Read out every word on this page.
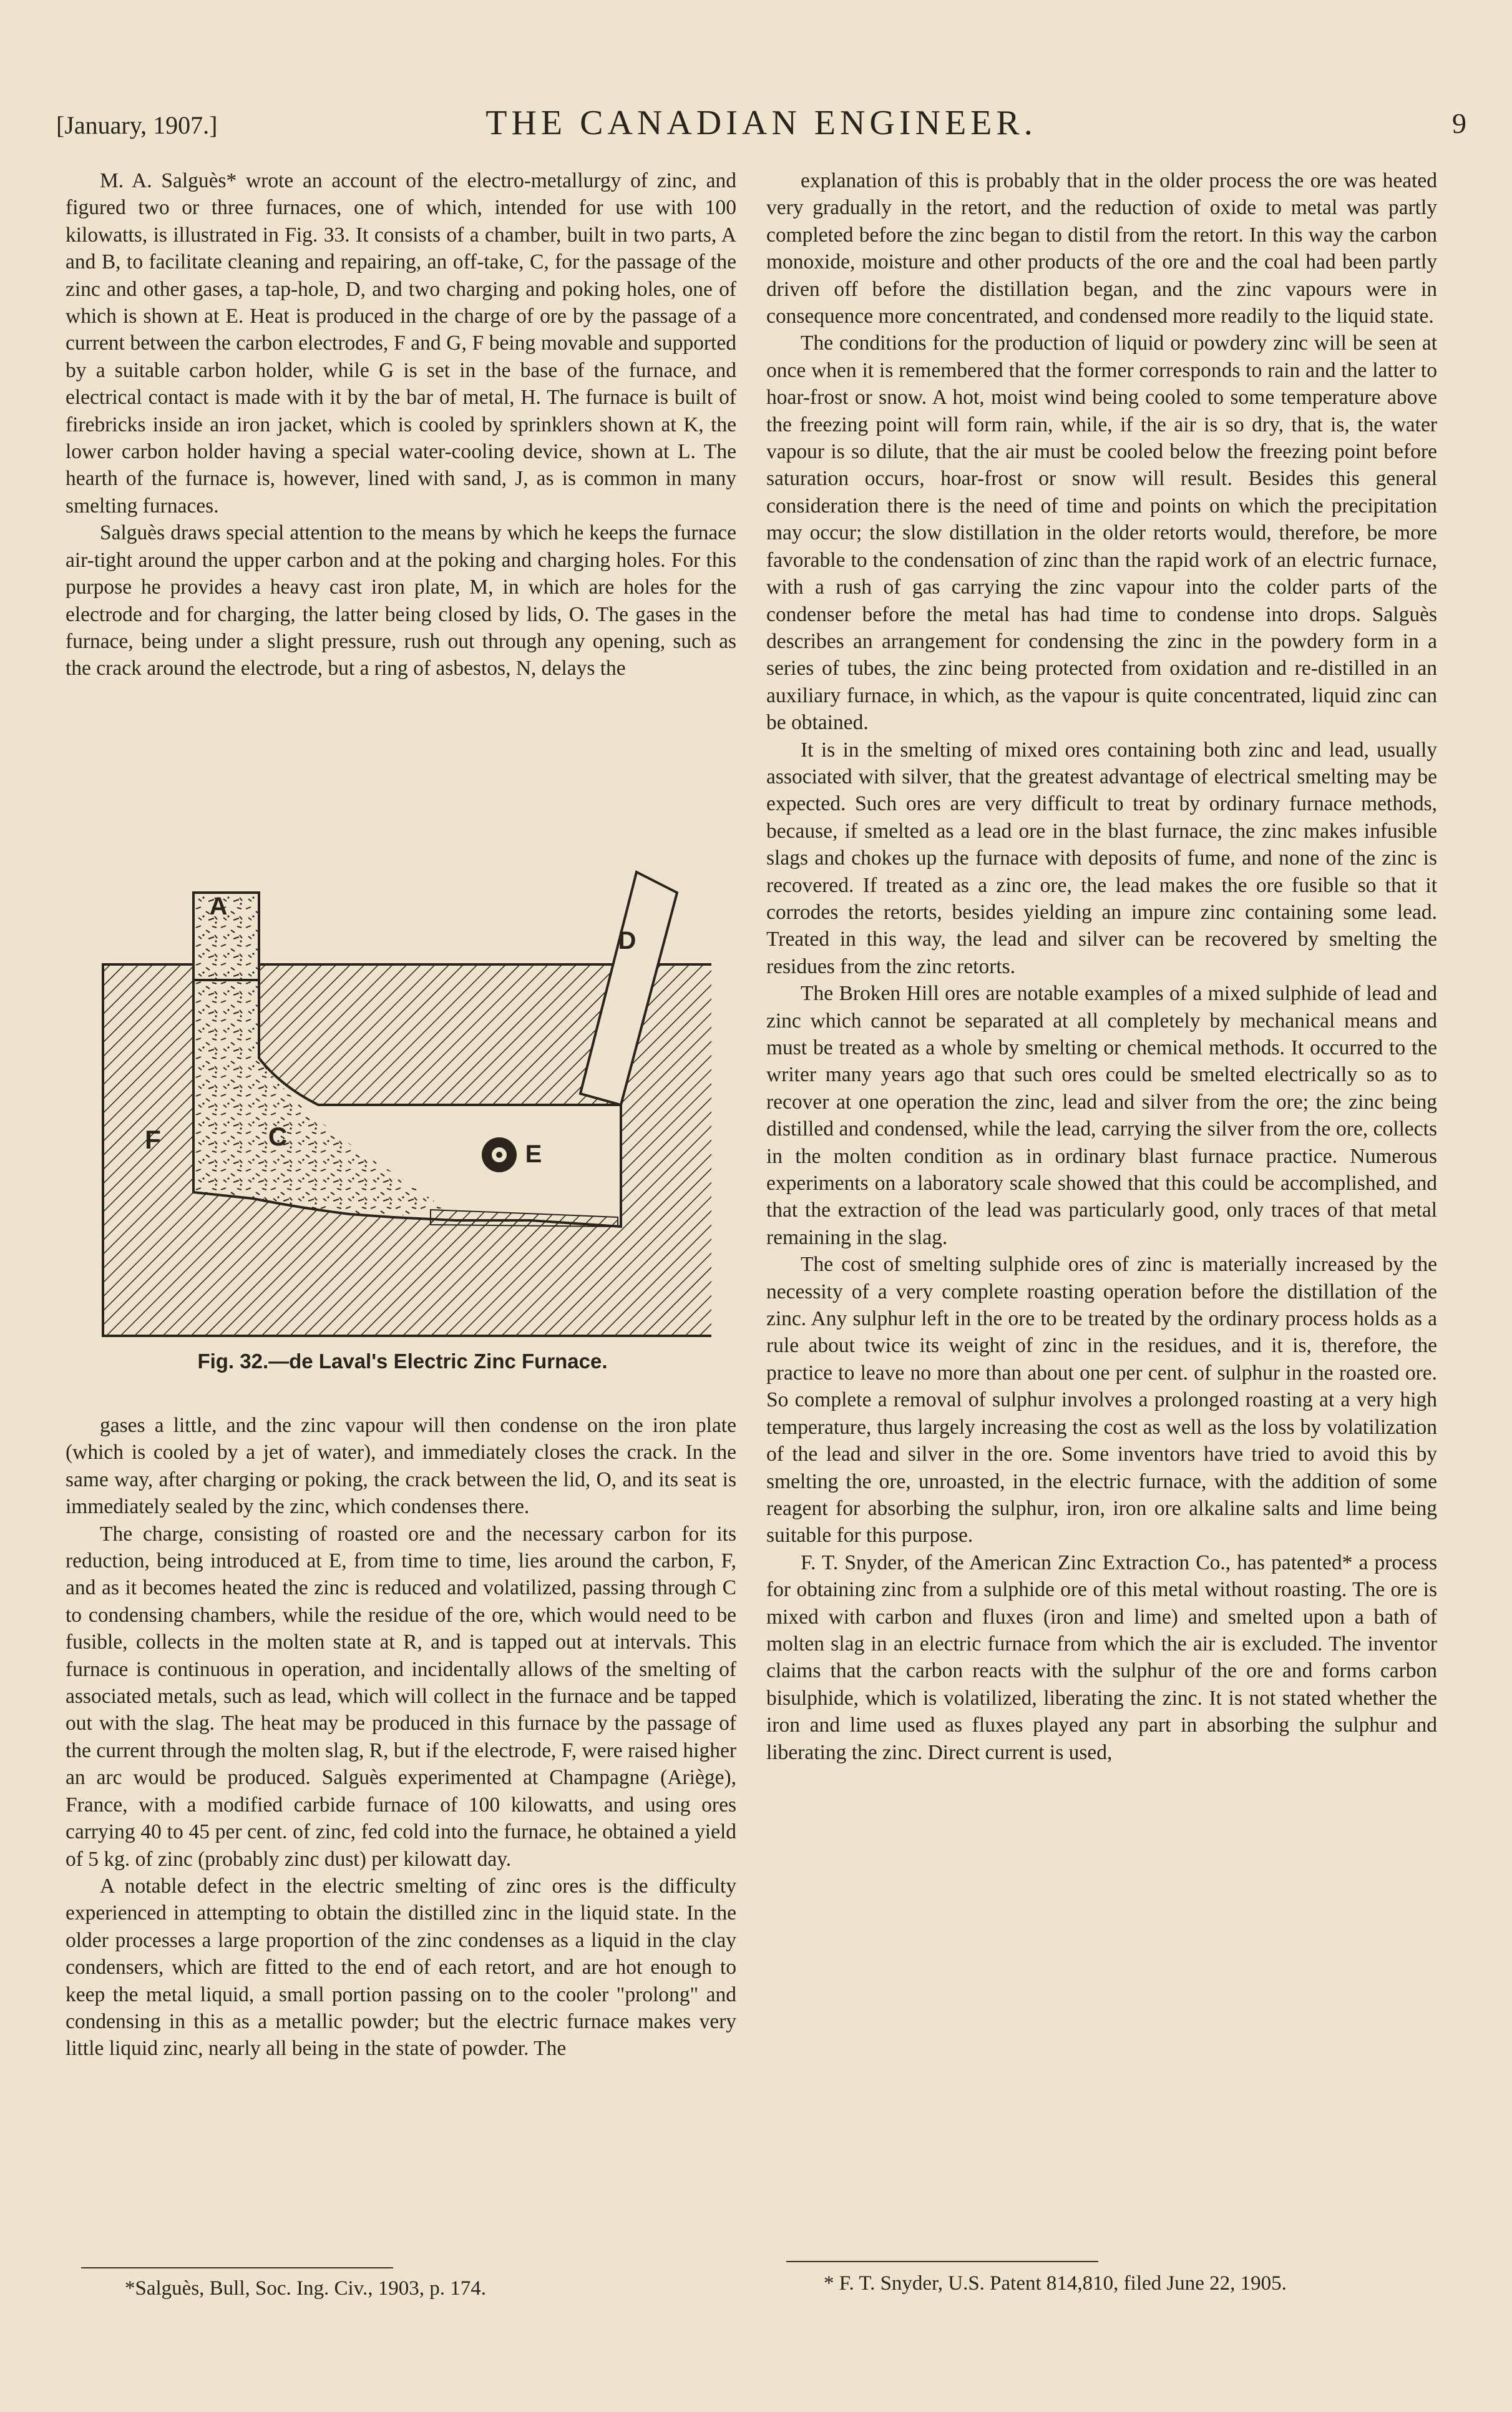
[January, 1907.]	THE CANADIAN ENGINEER.	9

M. A. Salguès* wrote an account of the electro-metallurgy of zinc, and figured two or three furnaces, one of which, intended for use with 100 kilowatts, is illustrated in Fig. 33. It consists of a chamber, built in two parts, A and B, to facilitate cleaning and repairing, an off-take, C, for the passage of the zinc and other gases, a tap-hole, D, and two charging and poking holes, one of which is shown at E. Heat is produced in the charge of ore by the passage of a current between the carbon electrodes, F and G, F being movable and supported by a suitable carbon holder, while G is set in the base of the furnace, and electrical contact is made with it by the bar of metal, H. The furnace is built of firebricks inside an iron jacket, which is cooled by sprinklers shown at K, the lower carbon holder having a special water-cooling device, shown at L. The hearth of the furnace is, however, lined with sand, J, as is common in many smelting furnaces.

Salguès draws special attention to the means by which he keeps the furnace air-tight around the upper carbon and at the poking and charging holes. For this purpose he provides a heavy cast iron plate, M, in which are holes for the electrode and for charging, the latter being closed by lids, O. The gases in the furnace, being under a slight pressure, rush out through any opening, such as the crack around the electrode, but a ring of asbestos, N, delays the

A
D
E
F	C
Fig. 32.—de Laval's Electric Zinc Furnace.

gases a little, and the zinc vapour will then condense on the iron plate (which is cooled by a jet of water), and immediately closes the crack. In the same way, after charging or poking, the crack between the lid, O, and its seat is immediately sealed by the zinc, which condenses there.

The charge, consisting of roasted ore and the necessary carbon for its reduction, being introduced at E, from time to time, lies around the carbon, F, and as it becomes heated the zinc is reduced and volatilized, passing through C to condensing chambers, while the residue of the ore, which would need to be fusible, collects in the molten state at R, and is tapped out at intervals. This furnace is continuous in operation, and incidentally allows of the smelting of associated metals, such as lead, which will collect in the furnace and be tapped out with the slag. The heat may be produced in this furnace by the passage of the current through the molten slag, R, but if the electrode, F, were raised higher an arc would be produced. Salguès experimented at Champagne (Ariège), France, with a modified carbide furnace of 100 kilowatts, and using ores carrying 40 to 45 per cent. of zinc, fed cold into the furnace, he obtained a yield of 5 kg. of zinc (probably zinc dust) per kilowatt day.

A notable defect in the electric smelting of zinc ores is the difficulty experienced in attempting to obtain the distilled zinc in the liquid state. In the older processes a large proportion of the zinc condenses as a liquid in the clay condensers, which are fitted to the end of each retort, and are hot enough to keep the metal liquid, a small portion passing on to the cooler "prolong" and condensing in this as a metallic powder; but the electric furnace makes very little liquid zinc, nearly all being in the state of powder. The

explanation of this is probably that in the older process the ore was heated very gradually in the retort, and the reduction of oxide to metal was partly completed before the zinc began to distil from the retort. In this way the carbon monoxide, moisture and other products of the ore and the coal had been partly driven off before the distillation began, and the zinc vapours were in consequence more concentrated, and condensed more readily to the liquid state.

The conditions for the production of liquid or powdery zinc will be seen at once when it is remembered that the former corresponds to rain and the latter to hoar-frost or snow. A hot, moist wind being cooled to some temperature above the freezing point will form rain, while, if the air is so dry, that is, the water vapour is so dilute, that the air must be cooled below the freezing point before saturation occurs, hoar-frost or snow will result. Besides this general consideration there is the need of time and points on which the precipitation may occur; the slow distillation in the older retorts would, therefore, be more favorable to the condensation of zinc than the rapid work of an electric furnace, with a rush of gas carrying the zinc vapour into the colder parts of the condenser before the metal has had time to condense into drops. Salguès describes an arrangement for condensing the zinc in the powdery form in a series of tubes, the zinc being protected from oxidation and re-distilled in an auxiliary furnace, in which, as the vapour is quite concentrated, liquid zinc can be obtained.

It is in the smelting of mixed ores containing both zinc and lead, usually associated with silver, that the greatest advantage of electrical smelting may be expected. Such ores are very difficult to treat by ordinary furnace methods, because, if smelted as a lead ore in the blast furnace, the zinc makes infusible slags and chokes up the furnace with deposits of fume, and none of the zinc is recovered. If treated as a zinc ore, the lead makes the ore fusible so that it corrodes the retorts, besides yielding an impure zinc containing some lead. Treated in this way, the lead and silver can be recovered by smelting the residues from the zinc retorts.

The Broken Hill ores are notable examples of a mixed sulphide of lead and zinc which cannot be separated at all completely by mechanical means and must be treated as a whole by smelting or chemical methods. It occurred to the writer many years ago that such ores could be smelted electrically so as to recover at one operation the zinc, lead and silver from the ore; the zinc being distilled and condensed, while the lead, carrying the silver from the ore, collects in the molten condition as in ordinary blast furnace practice. Numerous experiments on a laboratory scale showed that this could be accomplished, and that the extraction of the lead was particularly good, only traces of that metal remaining in the slag.

The cost of smelting sulphide ores of zinc is materially increased by the necessity of a very complete roasting operation before the distillation of the zinc. Any sulphur left in the ore to be treated by the ordinary process holds as a rule about twice its weight of zinc in the residues, and it is, therefore, the practice to leave no more than about one per cent. of sulphur in the roasted ore. So complete a removal of sulphur involves a prolonged roasting at a very high temperature, thus largely increasing the cost as well as the loss by volatilization of the lead and silver in the ore. Some inventors have tried to avoid this by smelting the ore, unroasted, in the electric furnace, with the addition of some reagent for absorbing the sulphur, iron, iron ore alkaline salts and lime being suitable for this purpose.

F. T. Snyder, of the American Zinc Extraction Co., has patented* a process for obtaining zinc from a sulphide ore of this metal without roasting. The ore is mixed with carbon and fluxes (iron and lime) and smelted upon a bath of molten slag in an electric furnace from which the air is excluded. The inventor claims that the carbon reacts with the sulphur of the ore and forms carbon bisulphide, which is volatilized, liberating the zinc. It is not stated whether the iron and lime used as fluxes played any part in absorbing the sulphur and liberating the zinc. Direct current is used,

*Salguès, Bull, Soc. Ing. Civ., 1903, p. 174.	* F. T. Snyder, U.S. Patent 814,810, filed June 22, 1905.
